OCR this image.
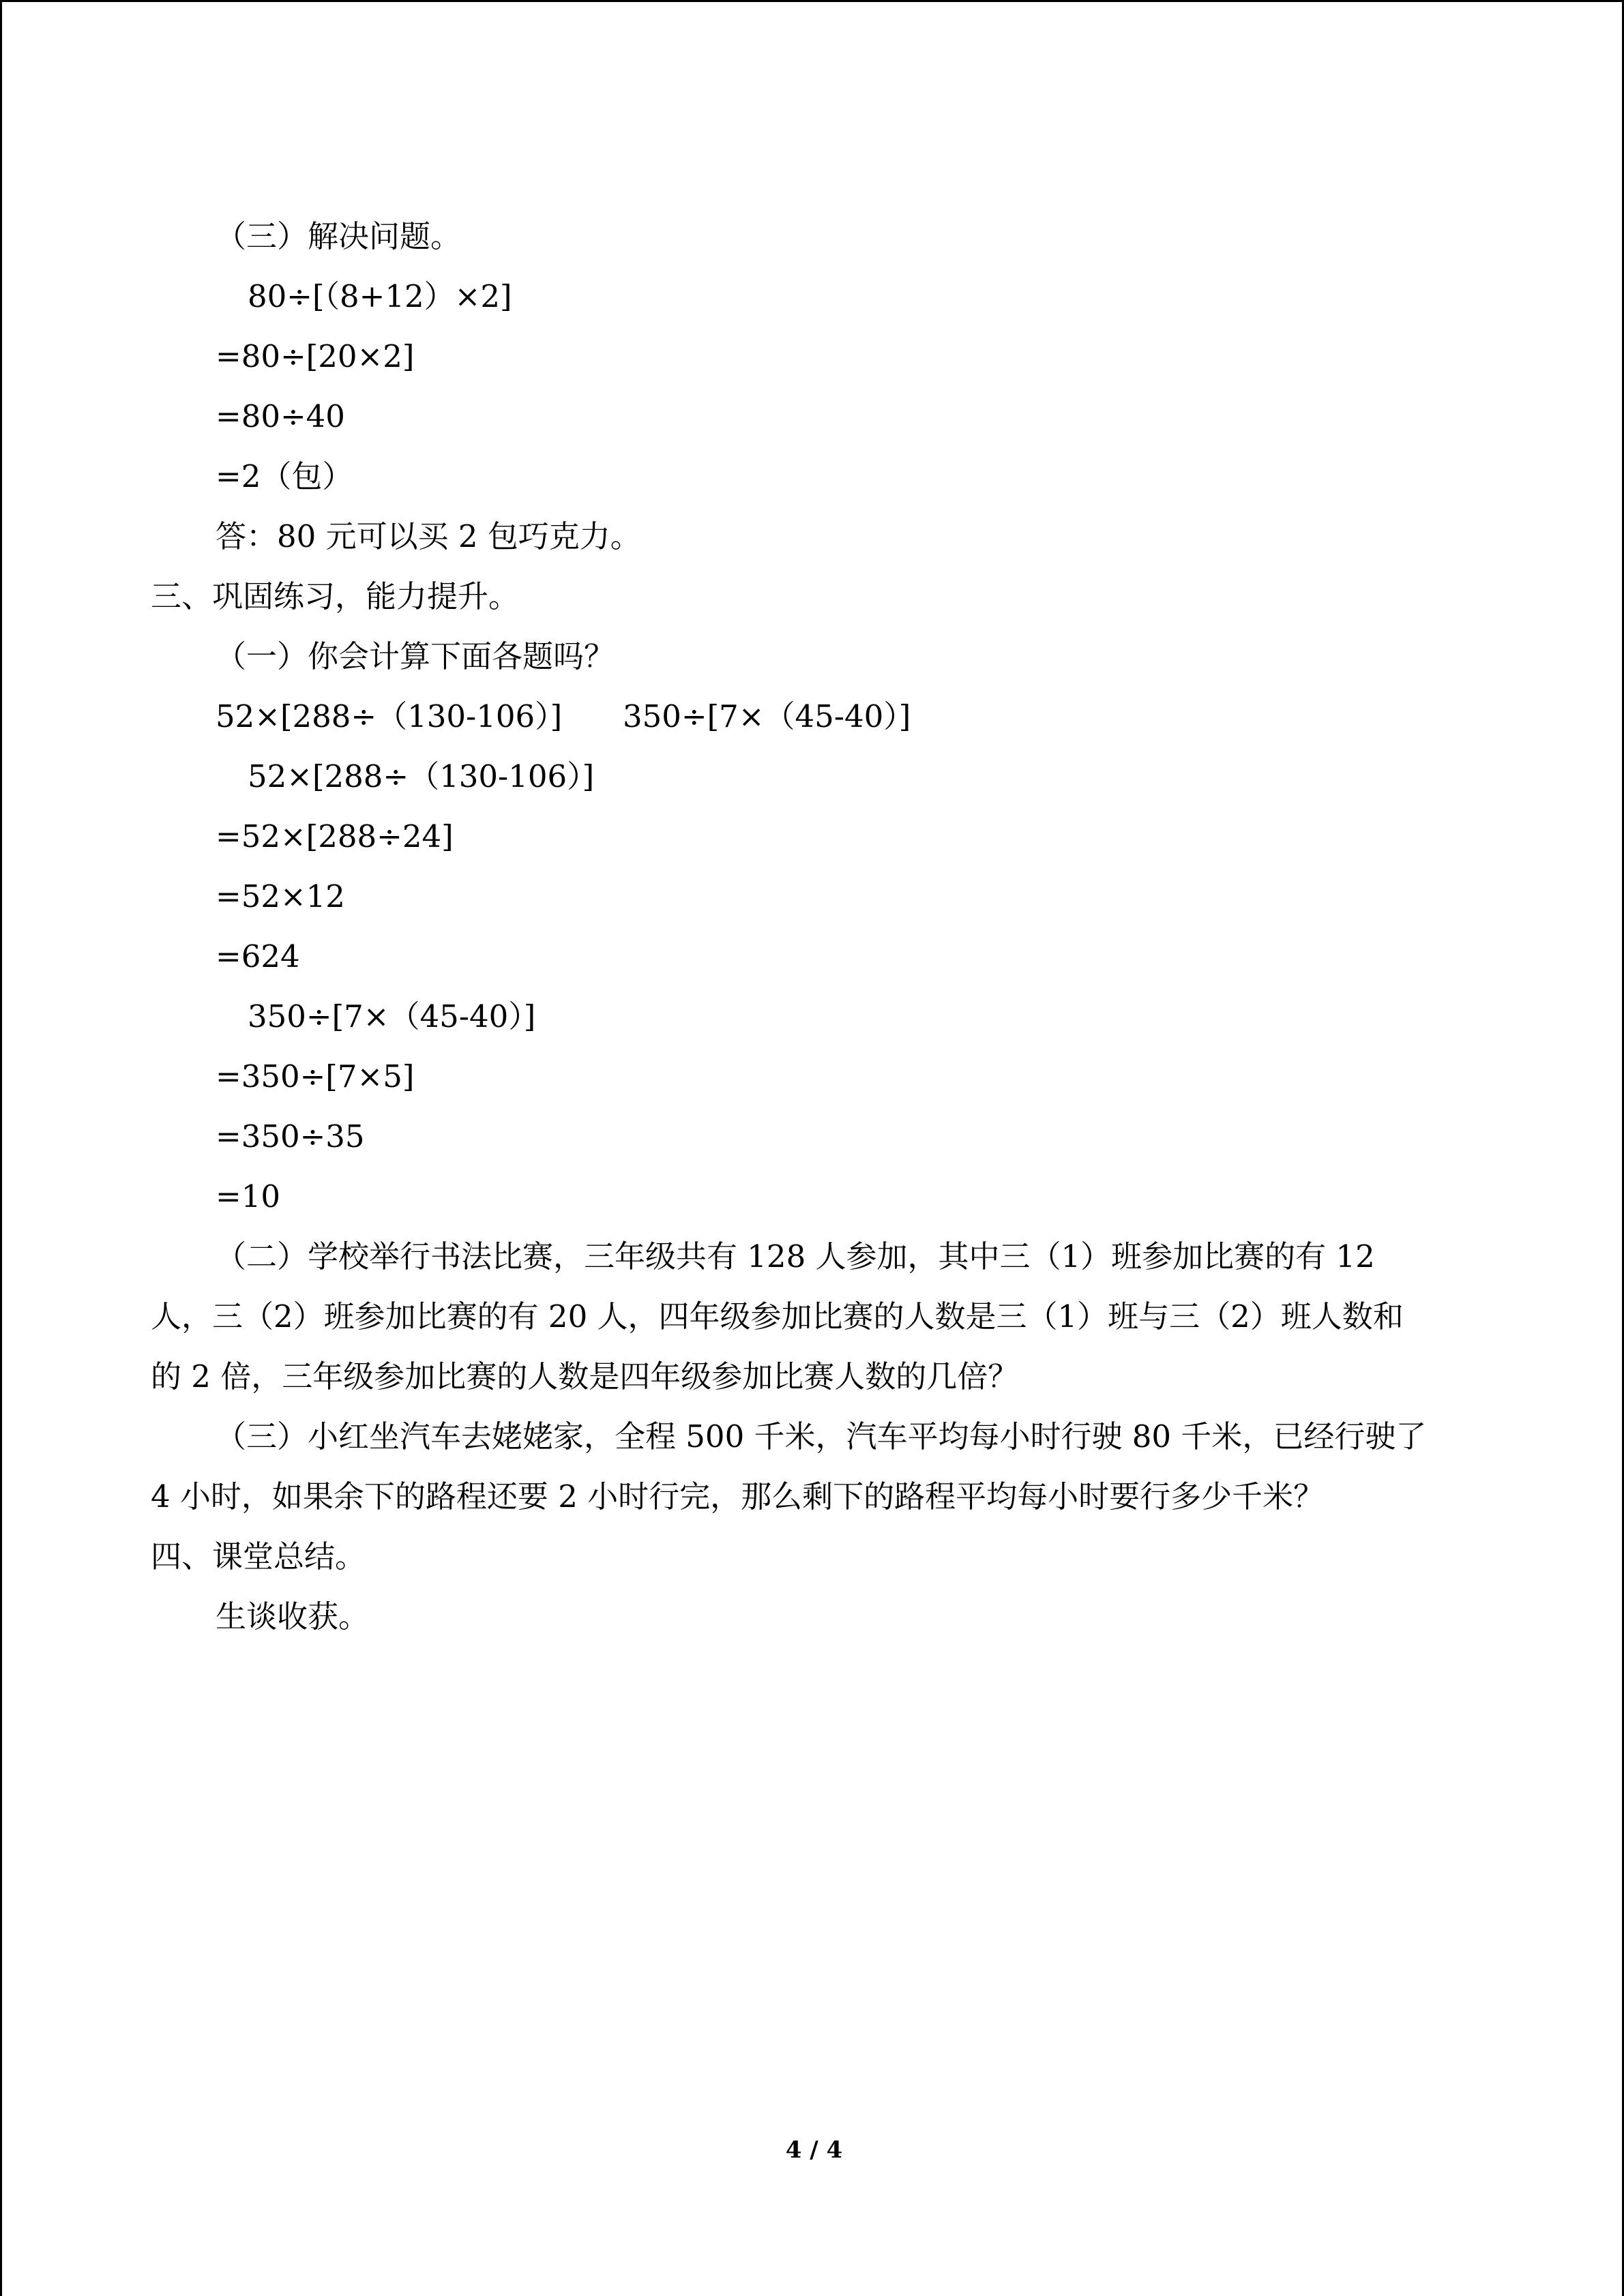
（三）解决问题。
80÷[（8+12）×2]
=80÷[20×2]
=80÷40
=2（包）
答：80 元可以买 2 包巧克力。
三、巩固练习，能力提升。
（一）你会计算下面各题吗？
52×[288÷（130-106）] 350÷[7×（45-40）]
52×[288÷（130-106）]
=52×[288÷24]
=52×12
=624
350÷[7×（45-40）]
=350÷[7×5]
=350÷35
=10
（二）学校举行书法比赛，三年级共有 128 人参加，其中三（1）班参加比赛的有 12
人，三（2）班参加比赛的有 20 人，四年级参加比赛的人数是三（1）班与三（2）班人数和
的 2 倍，三年级参加比赛的人数是四年级参加比赛人数的几倍？
（三）小红坐汽车去姥姥家，全程 500 千米，汽车平均每小时行驶 80 千米，已经行驶了
4 小时，如果余下的路程还要 2 小时行完，那么剩下的路程平均每小时要行多少千米？
四、课堂总结。
生谈收获。
4 / 4
